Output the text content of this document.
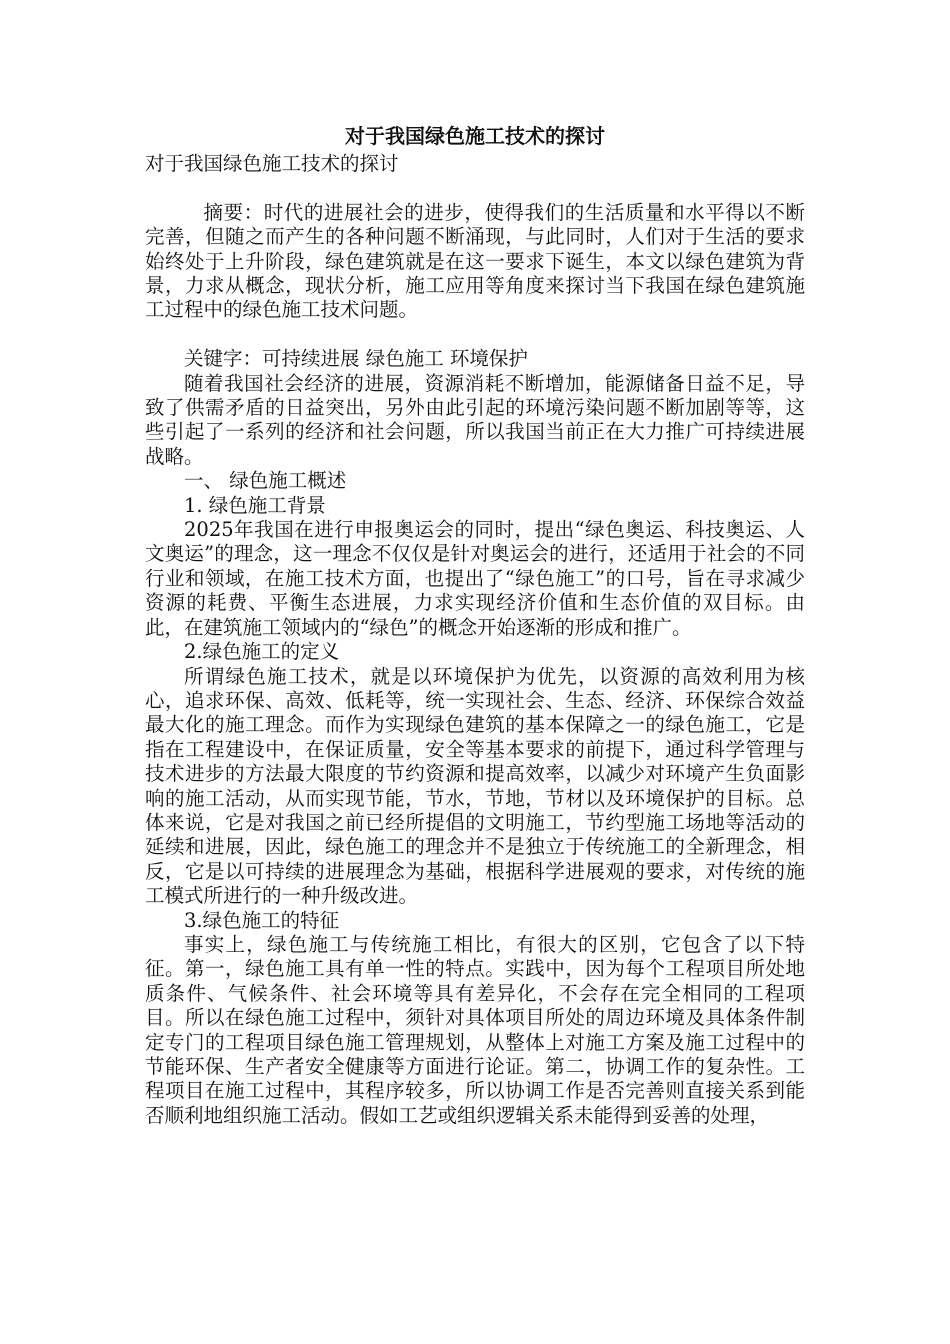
对于我国绿色施工技术的探讨

对于我国绿色施工技术的探讨

摘要：时代的进展社会的进步，使得我们的生活质量和水平得以不断完善，但随之而产生的各种问题不断涌现，与此同时，人们对于生活的要求始终处于上升阶段，绿色建筑就是在这一要求下诞生，本文以绿色建筑为背景，力求从概念，现状分析，施工应用等角度来探讨当下我国在绿色建筑施工过程中的绿色施工技术问题。

关键字：可持续进展 绿色施工 环境保护

随着我国社会经济的进展，资源消耗不断增加，能源储备日益不足，导致了供需矛盾的日益突出，另外由此引起的环境污染问题不断加剧等等，这些引起了一系列的经济和社会问题，所以我国当前正在大力推广可持续进展战略。

一、 绿色施工概述

1. 绿色施工背景

2025年我国在进行申报奥运会的同时，提出“绿色奥运、科技奥运、人文奥运”的理念，这一理念不仅仅是针对奥运会的进行，还适用于社会的不同行业和领域，在施工技术方面，也提出了“绿色施工”的口号，旨在寻求减少资源的耗费、平衡生态进展，力求实现经济价值和生态价值的双目标。由此，在建筑施工领域内的“绿色”的概念开始逐渐的形成和推广。

2.绿色施工的定义

所谓绿色施工技术，就是以环境保护为优先，以资源的高效利用为核心，追求环保、高效、低耗等，统一实现社会、生态、经济、环保综合效益最大化的施工理念。而作为实现绿色建筑的基本保障之一的绿色施工，它是指在工程建设中，在保证质量，安全等基本要求的前提下，通过科学管理与技术进步的方法最大限度的节约资源和提高效率，以减少对环境产生负面影响的施工活动，从而实现节能，节水，节地，节材以及环境保护的目标。总体来说，它是对我国之前已经所提倡的文明施工，节约型施工场地等活动的延续和进展，因此，绿色施工的理念并不是独立于传统施工的全新理念，相反，它是以可持续的进展理念为基础，根据科学进展观的要求，对传统的施工模式所进行的一种升级改进。

3.绿色施工的特征

事实上，绿色施工与传统施工相比，有很大的区别，它包含了以下特征。第一，绿色施工具有单一性的特点。实践中，因为每个工程项目所处地质条件、气候条件、社会环境等具有差异化，不会存在完全相同的工程项目。所以在绿色施工过程中，须针对具体项目所处的周边环境及具体条件制定专门的工程项目绿色施工管理规划，从整体上对施工方案及施工过程中的节能环保、生产者安全健康等方面进行论证。第二，协调工作的复杂性。工程项目在施工过程中，其程序较多，所以协调工作是否完善则直接关系到能否顺利地组织施工活动。假如工艺或组织逻辑关系未能得到妥善的处理，
